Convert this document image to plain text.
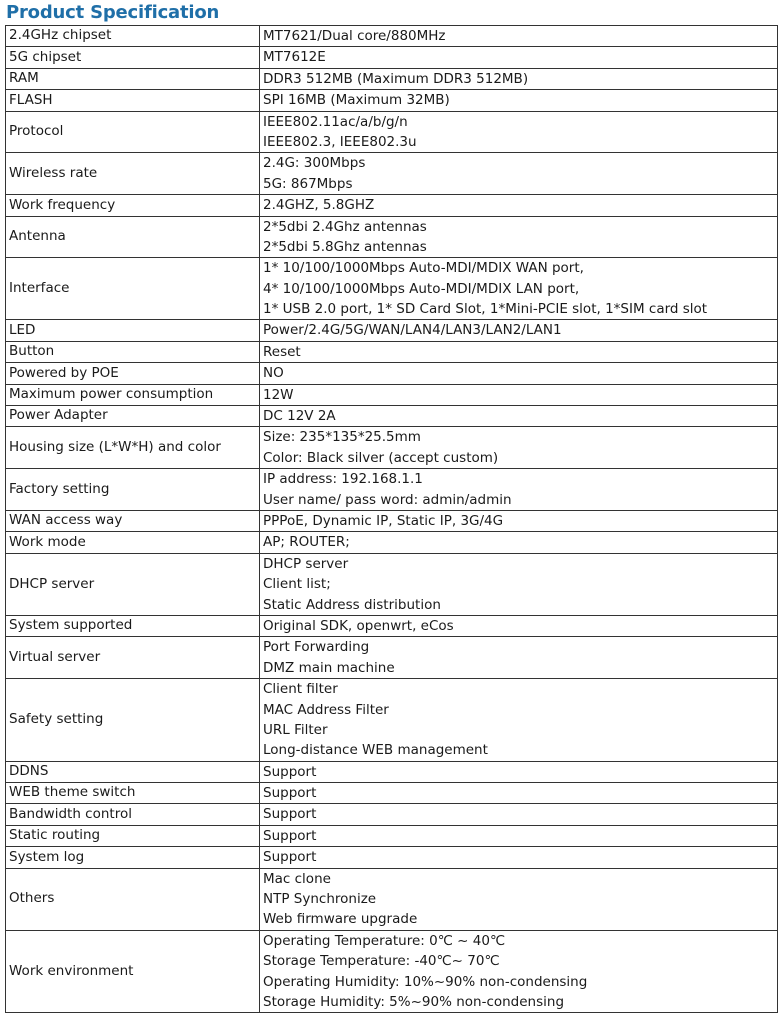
Product Specification
2.4GHz chipset	MT7621/Dual core/880MHz

5G chipset	MT7612E

RAM	DDR3 512MB (Maximum DDR3 512MB)

FLASH	SPI 16MB (Maximum 32MB)

Protocol	IEEE802.11ac/a/b/g/n
IEEE802.3, IEEE802.3u

Wireless rate	2.4G: 300Mbps
5G: 867Mbps

Work frequency	2.4GHZ, 5.8GHZ

Antenna	2*5dbi 2.4Ghz antennas
2*5dbi 5.8Ghz antennas

Interface	1* 10/100/1000Mbps Auto-MDI/MDIX WAN port,
4* 10/100/1000Mbps Auto-MDI/MDIX LAN port,
1* USB 2.0 port, 1* SD Card Slot, 1*Mini-PCIE slot, 1*SIM card slot

LED	Power/2.4G/5G/WAN/LAN4/LAN3/LAN2/LAN1

Button	Reset

Powered by POE	NO

Maximum power consumption	12W

Power Adapter	DC 12V 2A

Housing size (L*W*H) and color	Size: 235*135*25.5mm
Color: Black silver (accept custom)

Factory setting	IP address: 192.168.1.1
User name/ pass word: admin/admin

WAN access way	PPPoE, Dynamic IP, Static IP, 3G/4G

Work mode	AP; ROUTER;

DHCP server	DHCP server
Client list;
Static Address distribution

System supported	Original SDK, openwrt, eCos

Virtual server	Port Forwarding
DMZ main machine

Safety setting	Client filter
MAC Address Filter
URL Filter
Long-distance WEB management

DDNS	Support

WEB theme switch	Support

Bandwidth control	Support

Static routing	Support

System log	Support

Others	Mac clone
NTP Synchronize
Web firmware upgrade

Work environment	Operating Temperature: 0℃ ~ 40℃
Storage Temperature: -40℃~ 70℃
Operating Humidity: 10%~90% non-condensing
Storage Humidity: 5%~90% non-condensing
